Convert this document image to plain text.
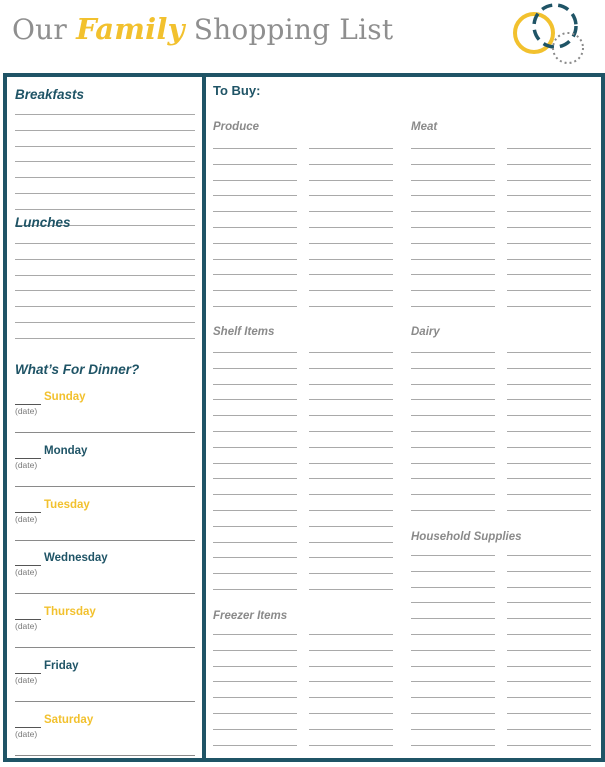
Our Family Shopping List
Breakfasts
Lunches
What’s For Dinner?
Sunday
(date)
Monday
(date)
Tuesday
(date)
Wednesday
(date)
Thursday
(date)
Friday
(date)
Saturday
(date)
To Buy:
Produce	Meat
Shelf Items	Dairy
Household Supplies
Freezer Items
